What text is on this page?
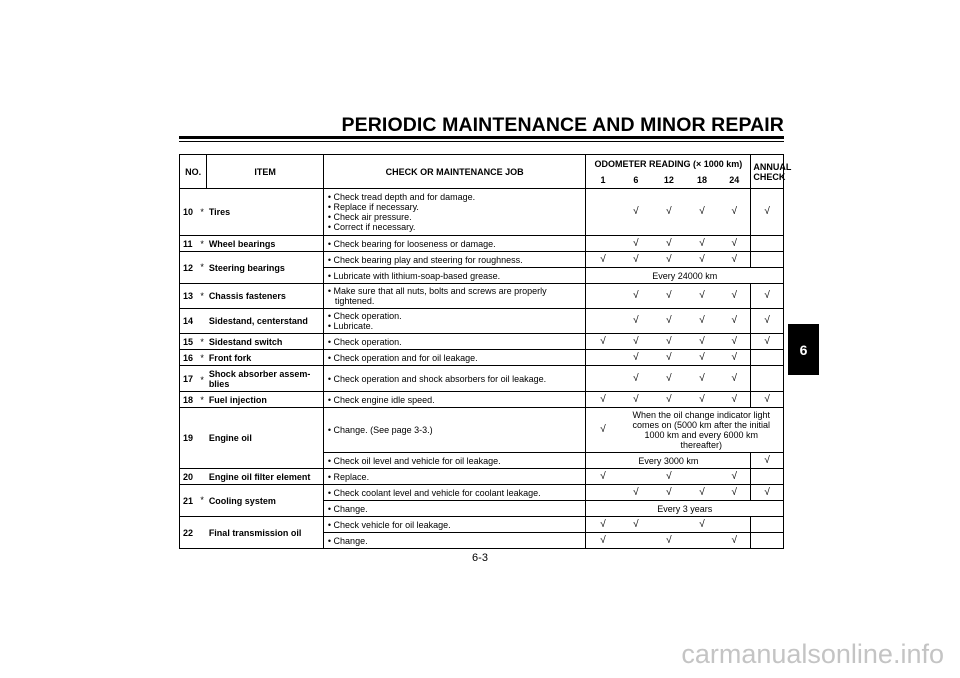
PERIODIC MAINTENANCE AND MINOR REPAIR
NO.		ITEM	CHECK OR MAINTENANCE JOB	ODOMETER READING (× 1000 km)					ANNUAL CHECK
				1	6	12	18	24	
10	*	Tires	• Check tread depth and for damage.
• Replace if necessary.
• Check air pressure.
• Correct if necessary.		√	√	√	√	√
11	*	Wheel bearings	• Check bearing for looseness or damage.		√	√	√	√	
12	*	Steering bearings	• Check bearing play and steering for roughness.	√	√	√	√	√	

			• Lubricate with lithium-soap-based grease.	Every 24000 km					
13	*	Chassis fasteners	• Make sure that all nuts, bolts and screws are properly tightened.		√	√	√	√	√
14		Sidestand, centerstand	• Check operation.
• Lubricate.		√	√	√	√	√
15	*	Sidestand switch	• Check operation.	√	√	√	√	√	√
16	*	Front fork	• Check operation and for oil leakage.		√	√	√	√	
17	*	Shock absorber assem-blies	• Check operation and shock absorbers for oil leakage.		√	√	√	√	
18	*	Fuel injection	• Check engine idle speed.	√	√	√	√	√	√
19		Engine oil	• Change. (See page 3-3.)	√	When the oil change indicator light comes on (5000 km after the initial 1000 km and every 6000 km thereafter)				

			• Check oil level and vehicle for oil leakage.	Every 3000 km					√
20		Engine oil filter element	• Replace.	√		√		√	
21	*	Cooling system	• Check coolant level and vehicle for coolant leakage.		√	√	√	√	√

			• Change.	Every 3 years					
22		Final transmission oil	• Check vehicle for oil leakage.	√	√		√		

			• Change.	√		√		√	
6
6-3
carmanualsonline.info
